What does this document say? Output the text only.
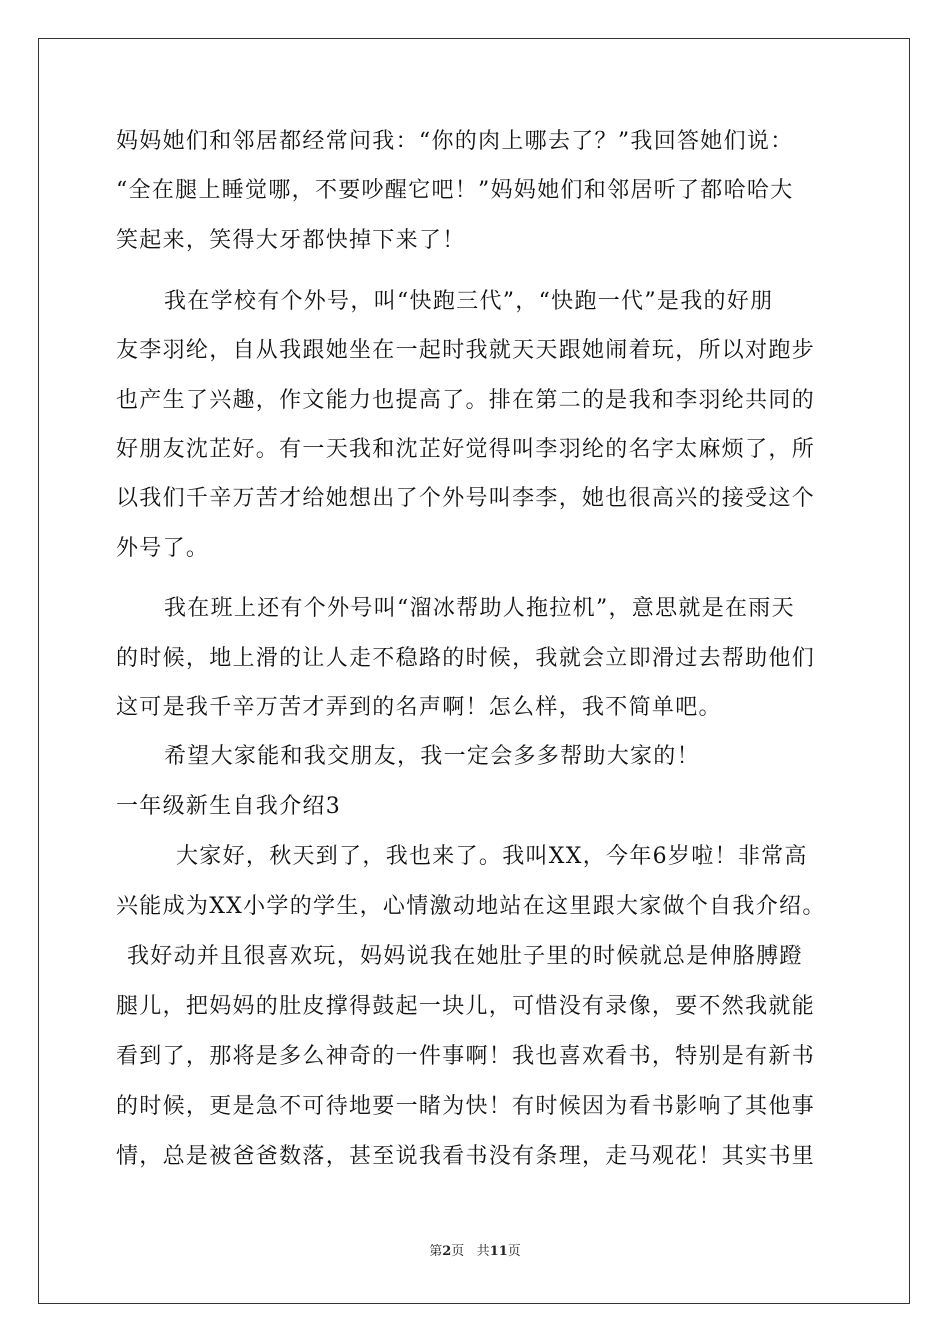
妈妈她们和邻居都经常问我：“你的肉上哪去了？”我回答她们说：
“全在腿上睡觉哪，不要吵醒它吧！”妈妈她们和邻居听了都哈哈大
笑起来，笑得大牙都快掉下来了！
我在学校有个外号，叫“快跑三代”，“快跑一代”是我的好朋
友李羽纶，自从我跟她坐在一起时我就天天跟她闹着玩，所以对跑步
也产生了兴趣，作文能力也提高了。排在第二的是我和李羽纶共同的
好朋友沈芷好。有一天我和沈芷好觉得叫李羽纶的名字太麻烦了，所
以我们千辛万苦才给她想出了个外号叫李李，她也很高兴的接受这个
外号了。
我在班上还有个外号叫“溜冰帮助人拖拉机”，意思就是在雨天
的时候，地上滑的让人走不稳路的时候，我就会立即滑过去帮助他们
这可是我千辛万苦才弄到的名声啊！怎么样，我不简单吧。
希望大家能和我交朋友，我一定会多多帮助大家的！
一年级新生自我介绍3
大家好，秋天到了，我也来了。我叫XX，今年6岁啦！非常高
兴能成为XX小学的学生，心情激动地站在这里跟大家做个自我介绍。
我好动并且很喜欢玩，妈妈说我在她肚子里的时候就总是伸胳膊蹬
腿儿，把妈妈的肚皮撑得鼓起一块儿，可惜没有录像，要不然我就能
看到了，那将是多么神奇的一件事啊！我也喜欢看书，特别是有新书
的时候，更是急不可待地要一睹为快！有时候因为看书影响了其他事
情，总是被爸爸数落，甚至说我看书没有条理，走马观花！其实书里
第2页 共11页
